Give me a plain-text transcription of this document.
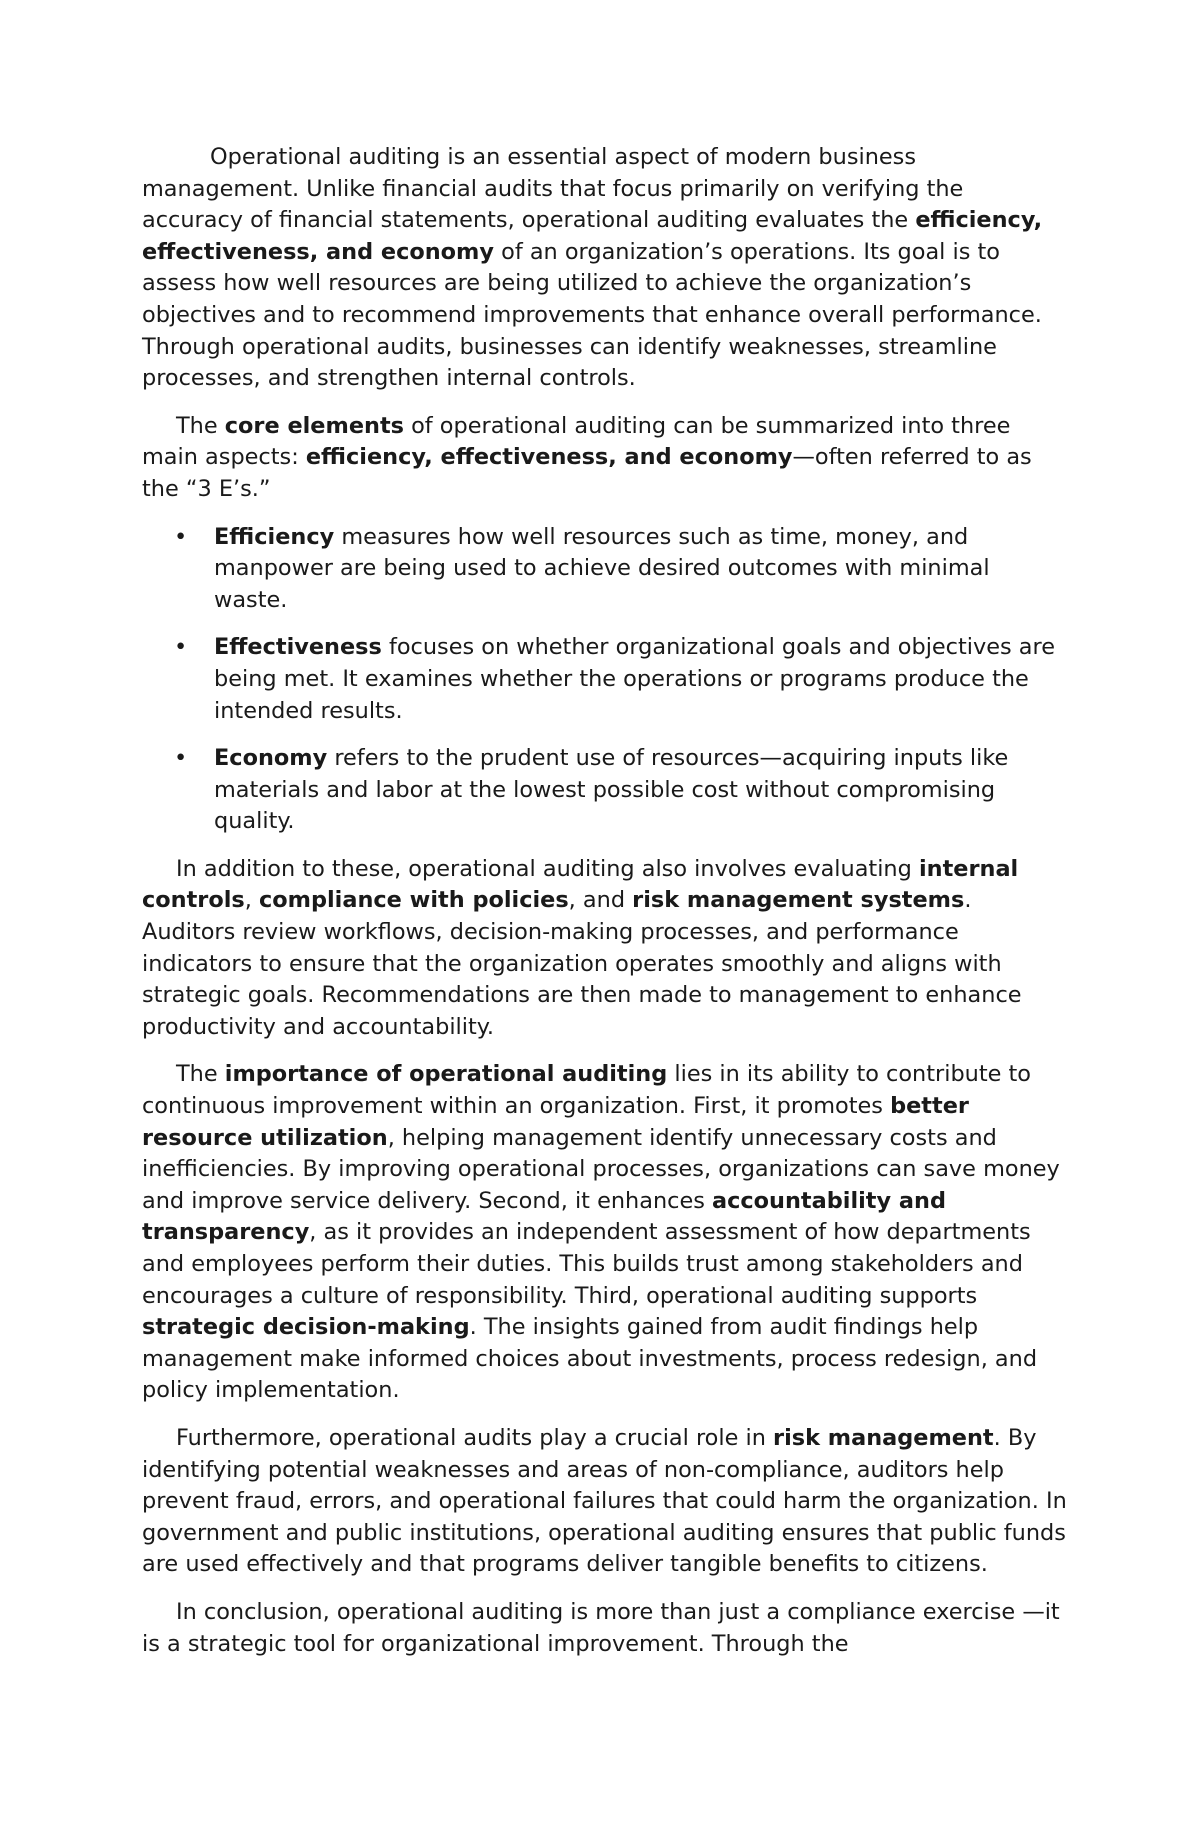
Operational auditing is an essential aspect of modern business management. Unlike financial audits that focus primarily on verifying the accuracy of financial statements, operational auditing evaluates the efficiency, effectiveness, and economy of an organization’s operations. Its goal is to assess how well resources are being utilized to achieve the organization’s objectives and to recommend improvements that enhance overall performance. Through operational audits, businesses can identify weaknesses, streamline processes, and strengthen internal controls.

The core elements of operational auditing can be summarized into three main aspects: efficiency, effectiveness, and economy—often referred to as the “3 E’s.”

• Efficiency measures how well resources such as time, money, and manpower are being used to achieve desired outcomes with minimal waste.
• Effectiveness focuses on whether organizational goals and objectives are being met. It examines whether the operations or programs produce the intended results.
• Economy refers to the prudent use of resources—acquiring inputs like materials and labor at the lowest possible cost without compromising quality.

In addition to these, operational auditing also involves evaluating internal controls, compliance with policies, and risk management systems. Auditors review workflows, decision-making processes, and performance indicators to ensure that the organization operates smoothly and aligns with strategic goals. Recommendations are then made to management to enhance productivity and accountability.

The importance of operational auditing lies in its ability to contribute to continuous improvement within an organization. First, it promotes better resource utilization, helping management identify unnecessary costs and inefficiencies. By improving operational processes, organizations can save money and improve service delivery. Second, it enhances accountability and transparency, as it provides an independent assessment of how departments and employees perform their duties. This builds trust among stakeholders and encourages a culture of responsibility. Third, operational auditing supports strategic decision-making. The insights gained from audit findings help management make informed choices about investments, process redesign, and policy implementation.

Furthermore, operational audits play a crucial role in risk management. By identifying potential weaknesses and areas of non-compliance, auditors help prevent fraud, errors, and operational failures that could harm the organization. In government and public institutions, operational auditing ensures that public funds are used effectively and that programs deliver tangible benefits to citizens.

In conclusion, operational auditing is more than just a compliance exercise —it is a strategic tool for organizational improvement. Through the
